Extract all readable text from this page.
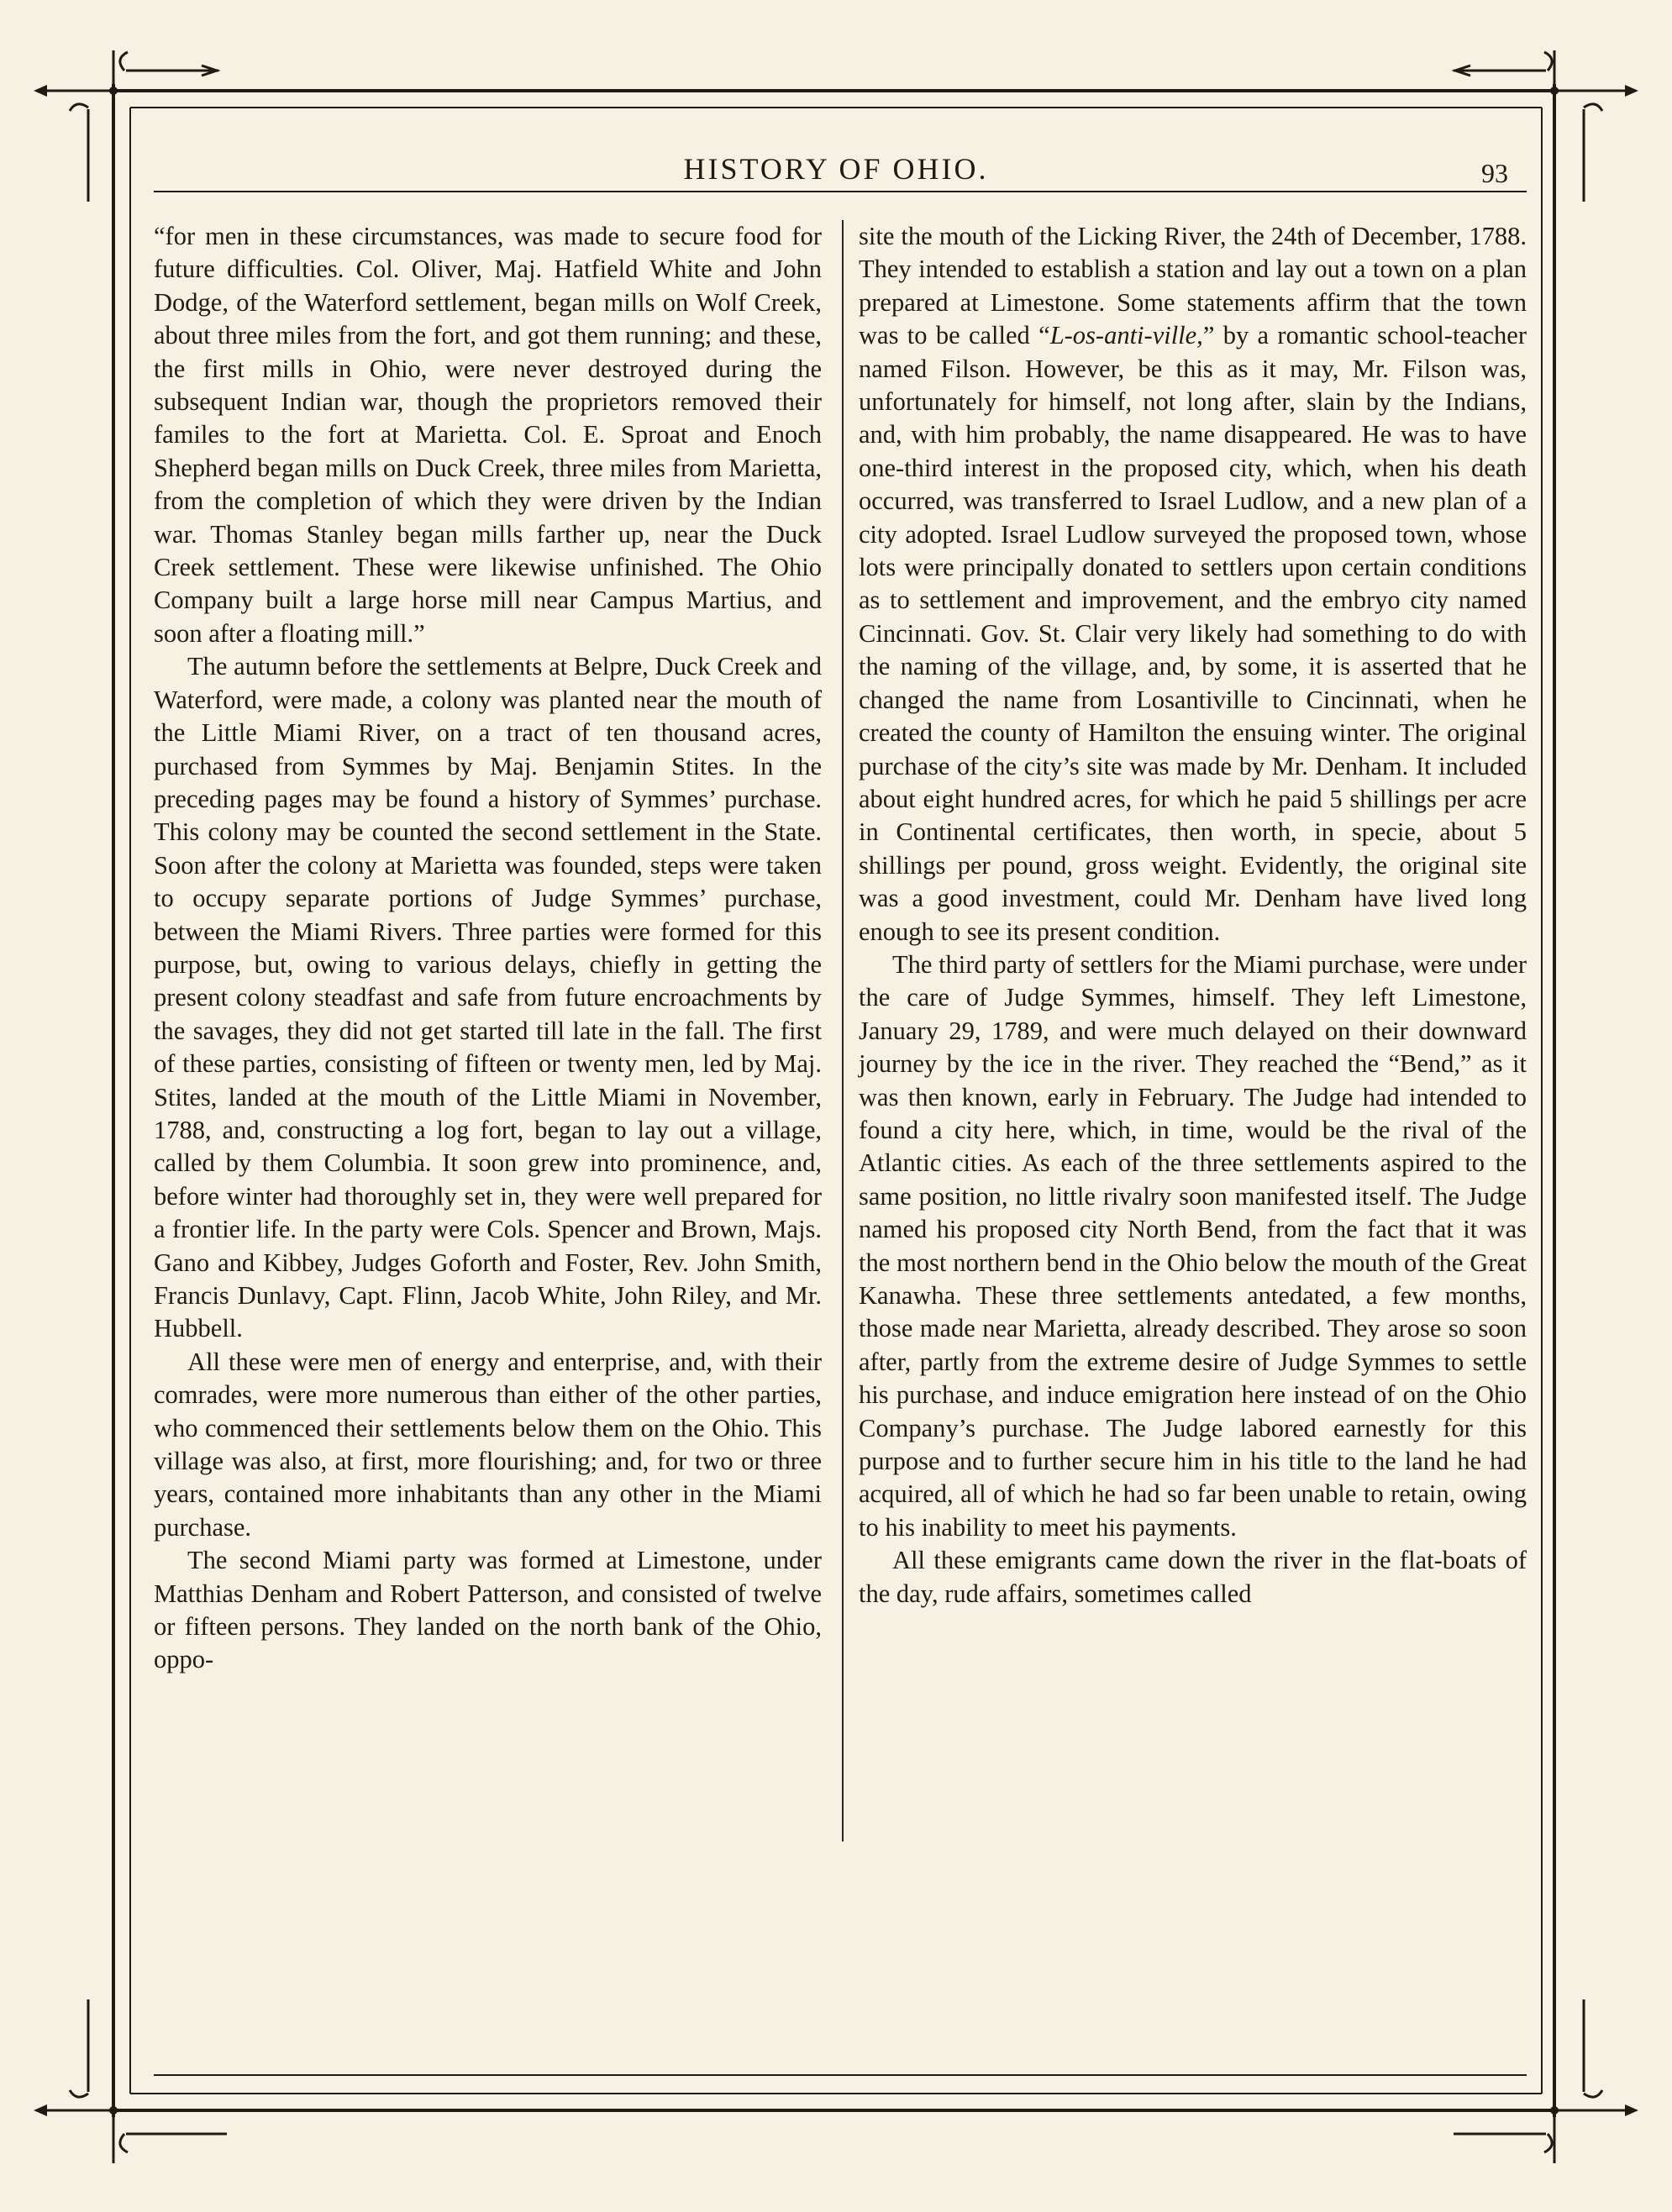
HISTORY OF OHIO.	93

“for men in these circumstances, was made to secure food for future difficulties. Col. Oliver, Maj. Hatfield White and John Dodge, of the Waterford settlement, began mills on Wolf Creek, about three miles from the fort, and got them running; and these, the first mills in Ohio, were never destroyed during the subsequent Indian war, though the proprietors removed their familes to the fort at Marietta. Col. E. Sproat and Enoch Shepherd began mills on Duck Creek, three miles from Marietta, from the completion of which they were driven by the Indian war. Thomas Stanley began mills farther up, near the Duck Creek settlement. These were likewise unfinished. The Ohio Company built a large horse mill near Campus Martius, and soon after a floating mill.”

The autumn before the settlements at Belpre, Duck Creek and Waterford, were made, a colony was planted near the mouth of the Little Miami River, on a tract of ten thousand acres, purchased from Symmes by Maj. Benjamin Stites. In the preceding pages may be found a history of Symmes’ purchase. This colony may be counted the second settlement in the State. Soon after the colony at Marietta was founded, steps were taken to occupy separate portions of Judge Symmes’ purchase, between the Miami Rivers. Three parties were formed for this purpose, but, owing to various delays, chiefly in getting the present colony steadfast and safe from future encroachments by the savages, they did not get started till late in the fall. The first of these parties, consisting of fifteen or twenty men, led by Maj. Stites, landed at the mouth of the Little Miami in November, 1788, and, constructing a log fort, began to lay out a village, called by them Columbia. It soon grew into prominence, and, before winter had thoroughly set in, they were well prepared for a frontier life. In the party were Cols. Spencer and Brown, Majs. Gano and Kibbey, Judges Goforth and Foster, Rev. John Smith, Francis Dunlavy, Capt. Flinn, Jacob White, John Riley, and Mr. Hubbell.

All these were men of energy and enterprise, and, with their comrades, were more numerous than either of the other parties, who commenced their settlements below them on the Ohio. This village was also, at first, more flourishing; and, for two or three years, contained more inhabitants than any other in the Miami purchase.

The second Miami party was formed at Limestone, under Matthias Denham and Robert Patterson, and consisted of twelve or fifteen persons. They landed on the north bank of the Ohio, oppo-

site the mouth of the Licking River, the 24th of December, 1788. They intended to establish a station and lay out a town on a plan prepared at Limestone. Some statements affirm that the town was to be called “L-os-anti-ville,” by a romantic school-teacher named Filson. However, be this as it may, Mr. Filson was, unfortunately for himself, not long after, slain by the Indians, and, with him probably, the name disappeared. He was to have one-third interest in the proposed city, which, when his death occurred, was transferred to Israel Ludlow, and a new plan of a city adopted. Israel Ludlow surveyed the proposed town, whose lots were principally donated to settlers upon certain conditions as to settlement and improvement, and the embryo city named Cincinnati. Gov. St. Clair very likely had something to do with the naming of the village, and, by some, it is asserted that he changed the name from Losantiville to Cincinnati, when he created the county of Hamilton the ensuing winter. The original purchase of the city’s site was made by Mr. Denham. It included about eight hundred acres, for which he paid 5 shillings per acre in Continental certificates, then worth, in specie, about 5 shillings per pound, gross weight. Evidently, the original site was a good investment, could Mr. Denham have lived long enough to see its present condition.

The third party of settlers for the Miami purchase, were under the care of Judge Symmes, himself. They left Limestone, January 29, 1789, and were much delayed on their downward journey by the ice in the river. They reached the “Bend,” as it was then known, early in February. The Judge had intended to found a city here, which, in time, would be the rival of the Atlantic cities. As each of the three settlements aspired to the same position, no little rivalry soon manifested itself. The Judge named his proposed city North Bend, from the fact that it was the most northern bend in the Ohio below the mouth of the Great Kanawha. These three settlements antedated, a few months, those made near Marietta, already described. They arose so soon after, partly from the extreme desire of Judge Symmes to settle his purchase, and induce emigration here instead of on the Ohio Company’s purchase. The Judge labored earnestly for this purpose and to further secure him in his title to the land he had acquired, all of which he had so far been unable to retain, owing to his inability to meet his payments.

All these emigrants came down the river in the flat-boats of the day, rude affairs, sometimes called
